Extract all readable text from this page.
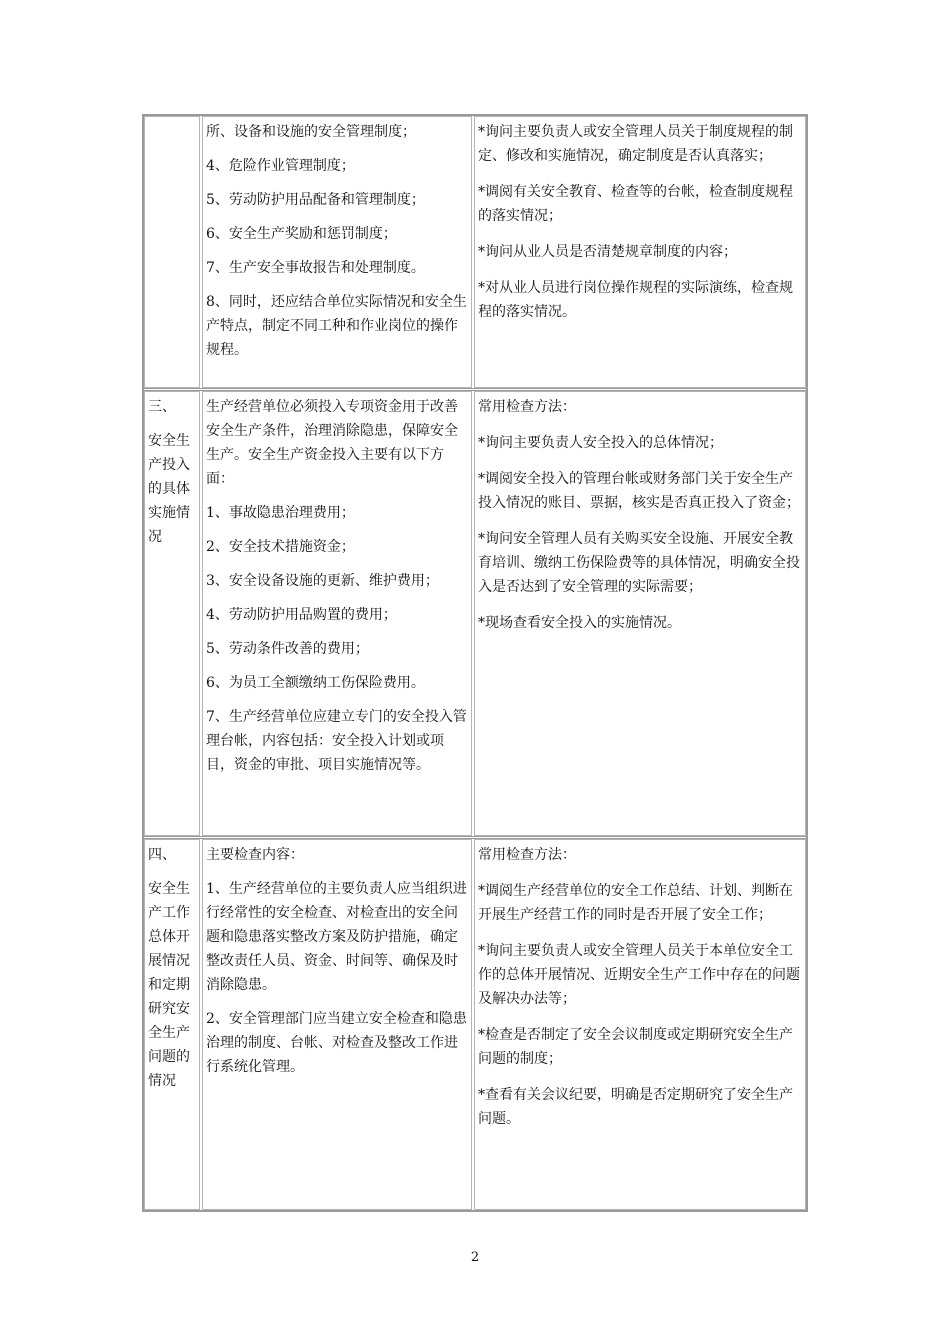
所、设备和设施的安全管理制度；

4、危险作业管理制度；

5、劳动防护用品配备和管理制度；

6、安全生产奖励和惩罚制度；

7、生产安全事故报告和处理制度。

8、同时，还应结合单位实际情况和安全生产特点，制定不同工种和作业岗位的操作规程。

*询问主要负责人或安全管理人员关于制度规程的制定、修改和实施情况，确定制度是否认真落实；

*调阅有关安全教育、检查等的台帐，检查制度规程的落实情况；

*询问从业人员是否清楚规章制度的内容；

*对从业人员进行岗位操作规程的实际演练，检查规程的落实情况。

三、

安全生产投入的具体实施情况

生产经营单位必须投入专项资金用于改善安全生产条件，治理消除隐患，保障安全生产。安全生产资金投入主要有以下方面：

1、事故隐患治理费用；

2、安全技术措施资金；

3、安全设备设施的更新、维护费用；

4、劳动防护用品购置的费用；

5、劳动条件改善的费用；

6、为员工全额缴纳工伤保险费用。

7、生产经营单位应建立专门的安全投入管理台帐，内容包括：安全投入计划或项目，资金的审批、项目实施情况等。

常用检查方法：

*询问主要负责人安全投入的总体情况；

*调阅安全投入的管理台帐或财务部门关于安全生产投入情况的账目、票据，核实是否真正投入了资金；

*询问安全管理人员有关购买安全设施、开展安全教育培训、缴纳工伤保险费等的具体情况，明确安全投入是否达到了安全管理的实际需要；

*现场查看安全投入的实施情况。

四、

安全生产工作总体开展情况和定期研究安全生产问题的情况

主要检查内容：

1、生产经营单位的主要负责人应当组织进行经常性的安全检查、对检查出的安全问题和隐患落实整改方案及防护措施，确定整改责任人员、资金、时间等、确保及时消除隐患。

2、安全管理部门应当建立安全检查和隐患治理的制度、台帐、对检查及整改工作进行系统化管理。

常用检查方法：

*调阅生产经营单位的安全工作总结、计划、判断在开展生产经营工作的同时是否开展了安全工作；

*询问主要负责人或安全管理人员关于本单位安全工作的总体开展情况、近期安全生产工作中存在的问题及解决办法等；

*检查是否制定了安全会议制度或定期研究安全生产问题的制度；

*查看有关会议纪要，明确是否定期研究了安全生产问题。

2
